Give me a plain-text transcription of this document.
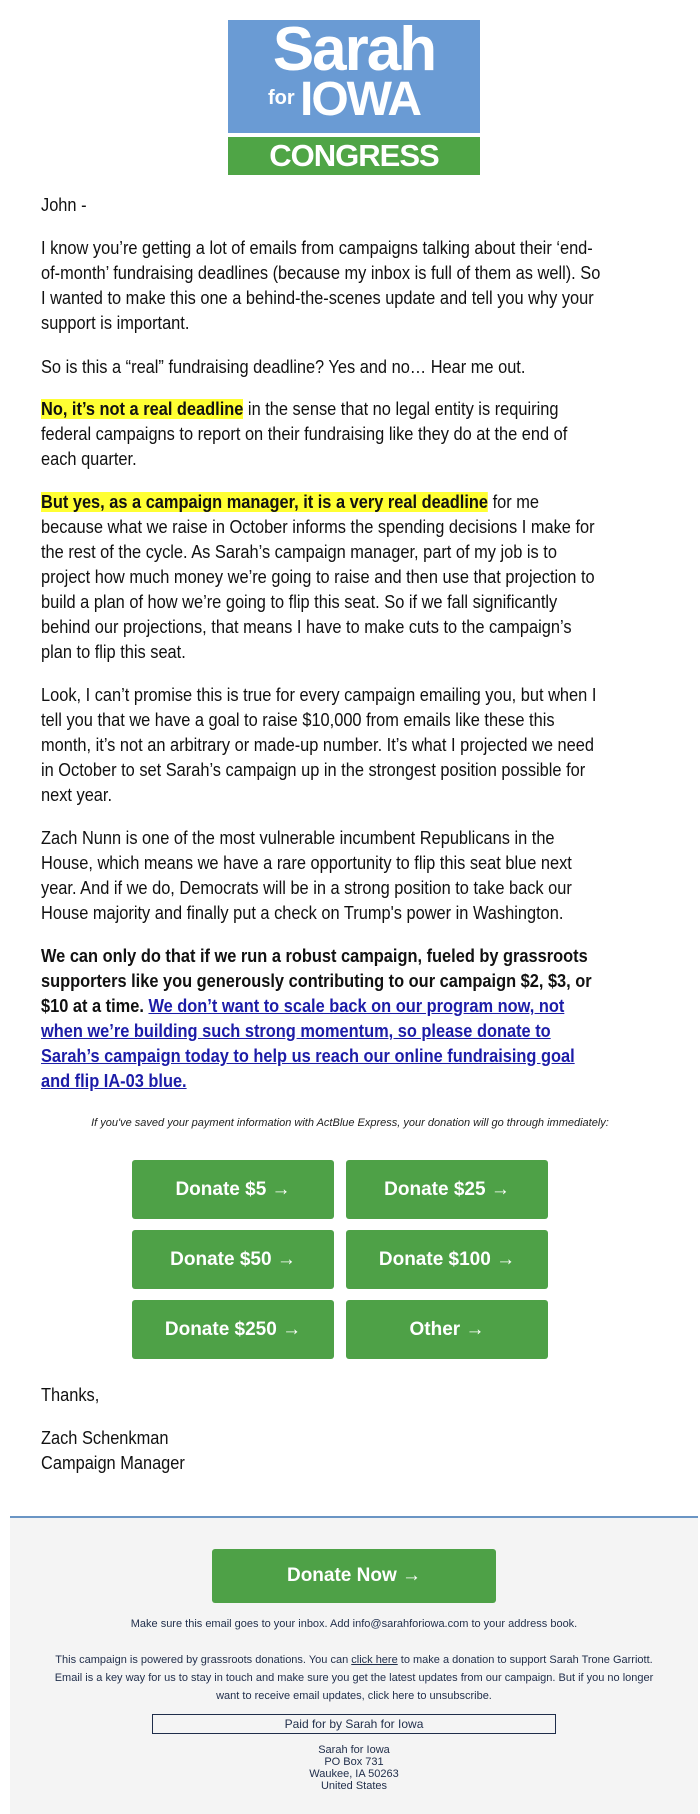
Sarah
for IOWA
CONGRESS
John -
I know you’re getting a lot of emails from campaigns talking about their ‘end-
of-month’ fundraising deadlines (because my inbox is full of them as well). So
I wanted to make this one a behind-the-scenes update and tell you why your
support is important.
So is this a “real” fundraising deadline? Yes and no… Hear me out.
No, it’s not a real deadline in the sense that no legal entity is requiring
federal campaigns to report on their fundraising like they do at the end of
each quarter.
But yes, as a campaign manager, it is a very real deadline for me
because what we raise in October informs the spending decisions I make for
the rest of the cycle. As Sarah’s campaign manager, part of my job is to
project how much money we’re going to raise and then use that projection to
build a plan of how we’re going to flip this seat. So if we fall significantly
behind our projections, that means I have to make cuts to the campaign’s
plan to flip this seat.
Look, I can’t promise this is true for every campaign emailing you, but when I
tell you that we have a goal to raise $10,000 from emails like these this
month, it’s not an arbitrary or made-up number. It’s what I projected we need
in October to set Sarah’s campaign up in the strongest position possible for
next year.
Zach Nunn is one of the most vulnerable incumbent Republicans in the
House, which means we have a rare opportunity to flip this seat blue next
year. And if we do, Democrats will be in a strong position to take back our
House majority and finally put a check on Trump's power in Washington.
We can only do that if we run a robust campaign, fueled by grassroots
supporters like you generously contributing to our campaign $2, $3, or
$10 at a time. We don’t want to scale back on our program now, not
when we’re building such strong momentum, so please donate to
Sarah’s campaign today to help us reach our online fundraising goal
and flip IA-03 blue.
If you've saved your payment information with ActBlue Express, your donation will go through immediately:
Donate $5 →	Donate $25 →
Donate $50 →	Donate $100 →
Donate $250 →	Other →
Thanks,
Zach Schenkman
Campaign Manager
Donate Now →
Make sure this email goes to your inbox. Add info@sarahforiowa.com to your address book.
This campaign is powered by grassroots donations. You can click here to make a donation to support Sarah Trone Garriott.
Email is a key way for us to stay in touch and make sure you get the latest updates from our campaign. But if you no longer
want to receive email updates, click here to unsubscribe.
Paid for by Sarah for Iowa
Sarah for Iowa
PO Box 731
Waukee, IA 50263
United States
